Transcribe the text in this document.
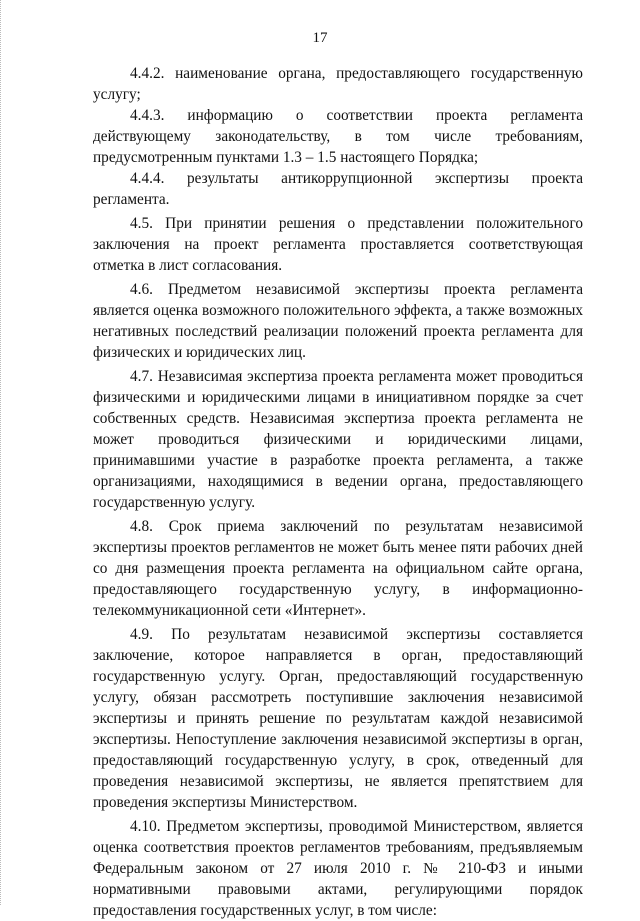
17

4.4.2. наименование органа, предоставляющего государственную услугу;

4.4.3. информацию о соответствии проекта регламента действующему законодательству, в том числе требованиям, предусмотренным пунктами 1.3 – 1.5 настоящего Порядка;

4.4.4. результаты антикоррупционной экспертизы проекта регламента.

4.5. При принятии решения о представлении положительного заключения на проект регламента проставляется соответствующая отметка в лист согласования.

4.6. Предметом независимой экспертизы проекта регламента является оценка возможного положительного эффекта, а также возможных негативных последствий реализации положений проекта регламента для физических и юридических лиц.

4.7. Независимая экспертиза проекта регламента может проводиться физическими и юридическими лицами в инициативном порядке за счет собственных средств. Независимая экспертиза проекта регламента не может проводиться физическими и юридическими лицами, принимавшими участие в разработке проекта регламента, а также организациями, находящимися в ведении органа, предоставляющего государственную услугу.

4.8. Срок приема заключений по результатам независимой экспертизы проектов регламентов не может быть менее пяти рабочих дней со дня размещения проекта регламента на официальном сайте органа, предоставляющего государственную услугу, в информационно-телекоммуникационной сети «Интернет».

4.9. По результатам независимой экспертизы составляется заключение, которое направляется в орган, предоставляющий государственную услугу. Орган, предоставляющий государственную услугу, обязан рассмотреть поступившие заключения независимой экспертизы и принять решение по результатам каждой независимой экспертизы. Непоступление заключения независимой экспертизы в орган, предоставляющий государственную услугу, в срок, отведенный для проведения независимой экспертизы, не является препятствием для проведения экспертизы Министерством.

4.10. Предметом экспертизы, проводимой Министерством, является оценка соответствия проектов регламентов требованиям, предъявляемым Федеральным законом от 27 июля 2010 г. № 210-ФЗ и иными нормативными правовыми актами, регулирующими порядок предоставления государственных услуг, в том числе:
